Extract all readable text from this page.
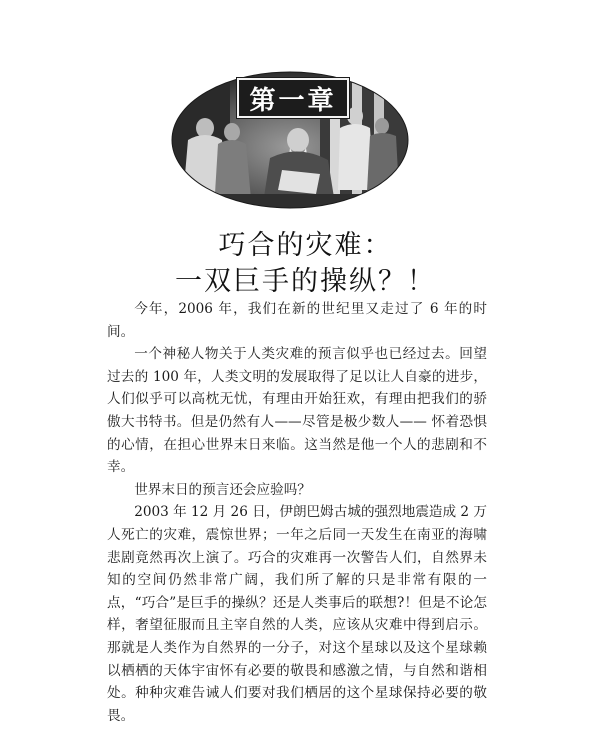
第一章
巧合的灾难：
一双巨手的操纵？！

今年，2006 年，我们在新的世纪里又走过了 6 年的时间。

一个神秘人物关于人类灾难的预言似乎也已经过去。回望过去的 100 年，人类文明的发展取得了足以让人自豪的进步，人们似乎可以高枕无忧，有理由开始狂欢，有理由把我们的骄傲大书特书。但是仍然有人——尽管是极少数人—— 怀着恐惧的心情，在担心世界末日来临。这当然是他一个人的悲剧和不幸。

世界末日的预言还会应验吗？

2003 年 12 月 26 日，伊朗巴姆古城的强烈地震造成 2 万人死亡的灾难，震惊世界；一年之后同一天发生在南亚的海啸悲剧竟然再次上演了。巧合的灾难再一次警告人们，自然界未知的空间仍然非常广阔，我们所了解的只是非常有限的一点，“巧合”是巨手的操纵？还是人类事后的联想?！但是不论怎样，奢望征服而且主宰自然的人类，应该从灾难中得到启示。那就是人类作为自然界的一分子，对这个星球以及这个星球赖以栖栖的天体宇宙怀有必要的敬畏和感激之情，与自然和谐相处。种种灾难告诫人们要对我们栖居的这个星球保持必要的敬畏。
